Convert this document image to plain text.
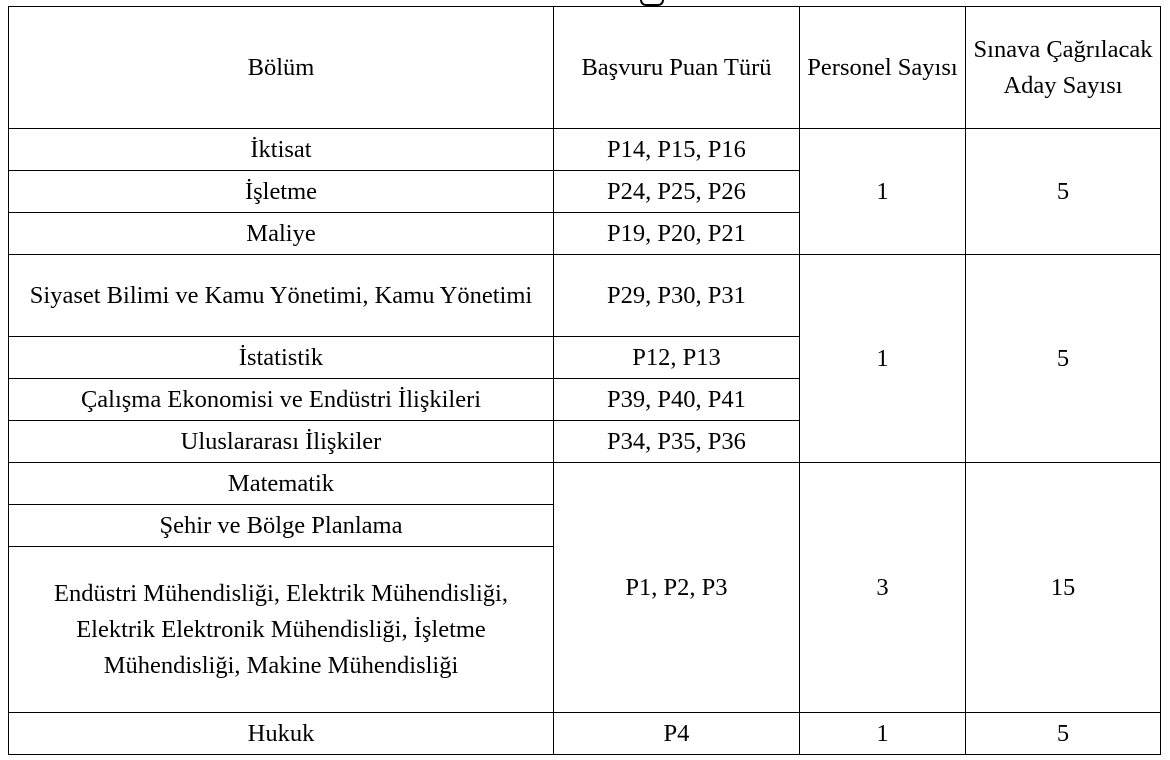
Bölüm	Başvuru Puan Türü	Personel Sayısı	Sınava Çağrılacak Aday Sayısı
İktisat	P14, P15, P16	1	5
İşletme	P24, P25, P26		
Maliye	P19, P20, P21		
Siyaset Bilimi ve Kamu Yönetimi, Kamu Yönetimi	P29, P30, P31	1	5
İstatistik	P12, P13		
Çalışma Ekonomisi ve Endüstri İlişkileri	P39, P40, P41		
Uluslararası İlişkiler	P34, P35, P36		
Matematik	P1, P2, P3	3	15
Şehir ve Bölge Planlama			
Endüstri Mühendisliği, Elektrik Mühendisliği, Elektrik Elektronik Mühendisliği, İşletme Mühendisliği, Makine Mühendisliği			
Hukuk	P4	1	5
